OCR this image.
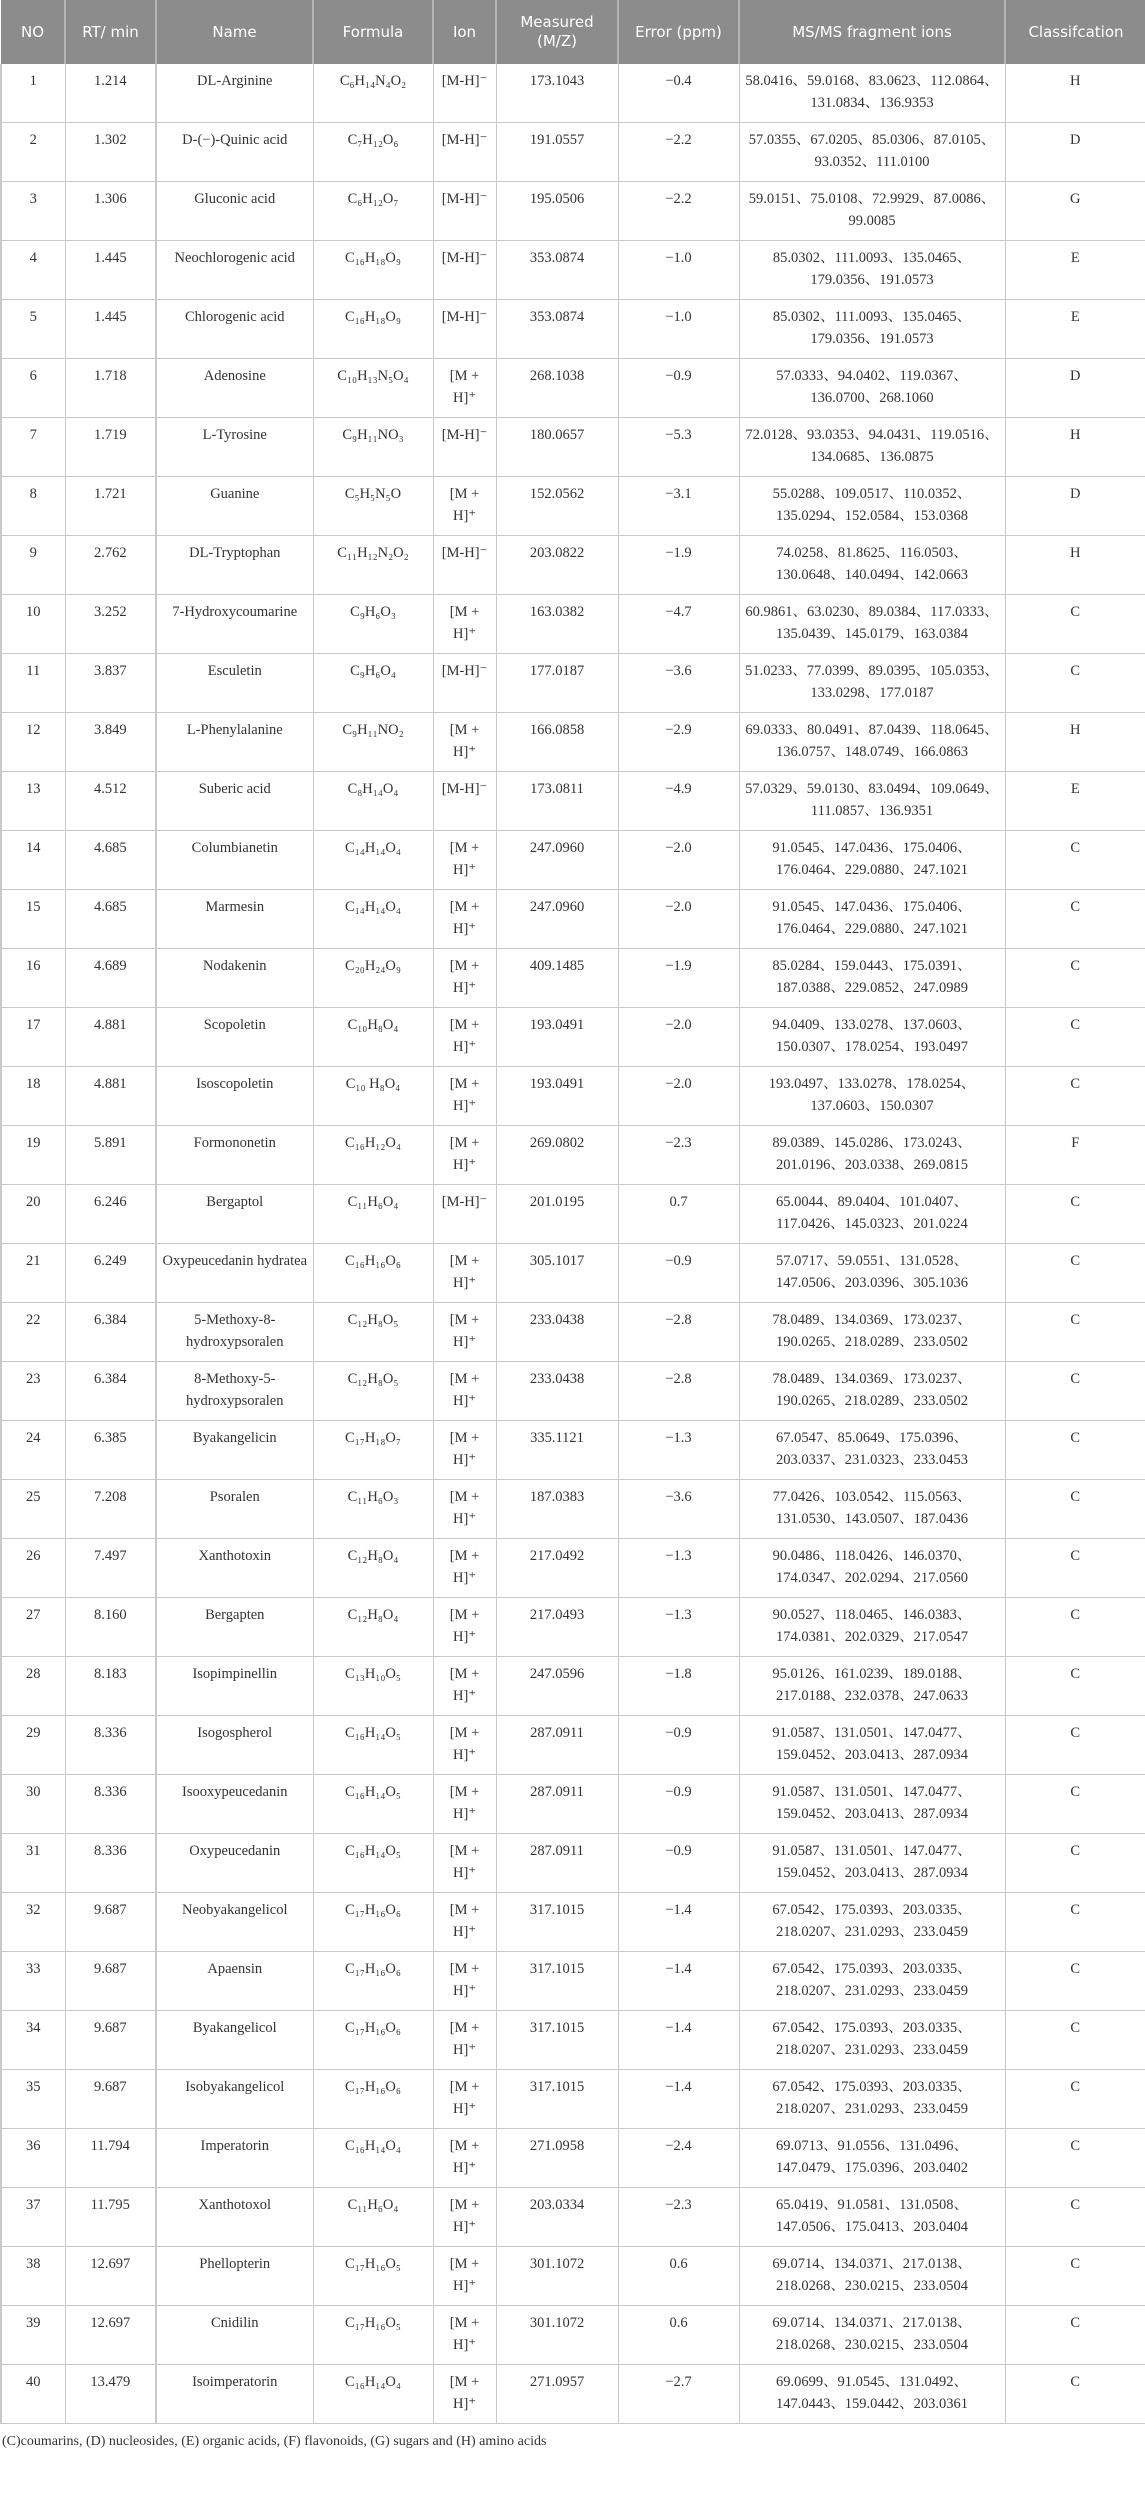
NO	RT/ min	Name	Formula	Ion	Measured (M/Z)	Error (ppm)	MS/MS fragment ions	Classifcation
1	1.214	DL-Arginine	C₆H₁₄N₄O₂	[M-H]⁻	173.1043	−0.4	58.0416、59.0168、83.0623、112.0864、131.0834、136.9353	H
2	1.302	D-(−)-Quinic acid	C₇H₁₂O₆	[M-H]⁻	191.0557	−2.2	57.0355、67.0205、85.0306、87.0105、93.0352、111.0100	D
3	1.306	Gluconic acid	C₆H₁₂O₇	[M-H]⁻	195.0506	−2.2	59.0151、75.0108、72.9929、87.0086、99.0085	G
4	1.445	Neochlorogenic acid	C₁₆H₁₈O₉	[M-H]⁻	353.0874	−1.0	85.0302、111.0093、135.0465、179.0356、191.0573	E
5	1.445	Chlorogenic acid	C₁₆H₁₈O₉	[M-H]⁻	353.0874	−1.0	85.0302、111.0093、135.0465、179.0356、191.0573	E
6	1.718	Adenosine	C₁₀H₁₃N₅O₄	[M + H]⁺	268.1038	−0.9	57.0333、94.0402、119.0367、136.0700、268.1060	D
7	1.719	L-Tyrosine	C₉H₁₁NO₃	[M-H]⁻	180.0657	−5.3	72.0128、93.0353、94.0431、119.0516、134.0685、136.0875	H
8	1.721	Guanine	C₅H₅N₅O	[M + H]⁺	152.0562	−3.1	55.0288、109.0517、110.0352、135.0294、152.0584、153.0368	D
9	2.762	DL-Tryptophan	C₁₁H₁₂N₂O₂	[M-H]⁻	203.0822	−1.9	74.0258、81.8625、116.0503、130.0648、140.0494、142.0663	H
10	3.252	7-Hydroxycoumarine	C₉H₆O₃	[M + H]⁺	163.0382	−4.7	60.9861、63.0230、89.0384、117.0333、135.0439、145.0179、163.0384	C
11	3.837	Esculetin	C₉H₆O₄	[M-H]⁻	177.0187	−3.6	51.0233、77.0399、89.0395、105.0353、133.0298、177.0187	C
12	3.849	L-Phenylalanine	C₉H₁₁NO₂	[M + H]⁺	166.0858	−2.9	69.0333、80.0491、87.0439、118.0645、136.0757、148.0749、166.0863	H
13	4.512	Suberic acid	C₈H₁₄O₄	[M-H]⁻	173.0811	−4.9	57.0329、59.0130、83.0494、109.0649、111.0857、136.9351	E
14	4.685	Columbianetin	C₁₄H₁₄O₄	[M + H]⁺	247.0960	−2.0	91.0545、147.0436、175.0406、176.0464、229.0880、247.1021	C
15	4.685	Marmesin	C₁₄H₁₄O₄	[M + H]⁺	247.0960	−2.0	91.0545、147.0436、175.0406、176.0464、229.0880、247.1021	C
16	4.689	Nodakenin	C₂₀H₂₄O₉	[M + H]⁺	409.1485	−1.9	85.0284、159.0443、175.0391、187.0388、229.0852、247.0989	C
17	4.881	Scopoletin	C₁₀H₈O₄	[M + H]⁺	193.0491	−2.0	94.0409、133.0278、137.0603、150.0307、178.0254、193.0497	C
18	4.881	Isoscopoletin	C₁₀ H₈O₄	[M + H]⁺	193.0491	−2.0	193.0497、133.0278、178.0254、137.0603、150.0307	C
19	5.891	Formononetin	C₁₆H₁₂O₄	[M + H]⁺	269.0802	−2.3	89.0389、145.0286、173.0243、201.0196、203.0338、269.0815	F
20	6.246	Bergaptol	C₁₁H₆O₄	[M-H]⁻	201.0195	0.7	65.0044、89.0404、101.0407、117.0426、145.0323、201.0224	C
21	6.249	Oxypeucedanin hydratea	C₁₆H₁₆O₆	[M + H]⁺	305.1017	−0.9	57.0717、59.0551、131.0528、147.0506、203.0396、305.1036	C
22	6.384	5-Methoxy-8-hydroxypsoralen	C₁₂H₈O₅	[M + H]⁺	233.0438	−2.8	78.0489、134.0369、173.0237、190.0265、218.0289、233.0502	C
23	6.384	8-Methoxy-5-hydroxypsoralen	C₁₂H₈O₅	[M + H]⁺	233.0438	−2.8	78.0489、134.0369、173.0237、190.0265、218.0289、233.0502	C
24	6.385	Byakangelicin	C₁₇H₁₈O₇	[M + H]⁺	335.1121	−1.3	67.0547、85.0649、175.0396、203.0337、231.0323、233.0453	C
25	7.208	Psoralen	C₁₁H₆O₃	[M + H]⁺	187.0383	−3.6	77.0426、103.0542、115.0563、131.0530、143.0507、187.0436	C
26	7.497	Xanthotoxin	C₁₂H₈O₄	[M + H]⁺	217.0492	−1.3	90.0486、118.0426、146.0370、174.0347、202.0294、217.0560	C
27	8.160	Bergapten	C₁₂H₈O₄	[M + H]⁺	217.0493	−1.3	90.0527、118.0465、146.0383、174.0381、202.0329、217.0547	C
28	8.183	Isopimpinellin	C₁₃H₁₀O₅	[M + H]⁺	247.0596	−1.8	95.0126、161.0239、189.0188、217.0188、232.0378、247.0633	C
29	8.336	Isogospherol	C₁₆H₁₄O₅	[M + H]⁺	287.0911	−0.9	91.0587、131.0501、147.0477、159.0452、203.0413、287.0934	C
30	8.336	Isooxypeucedanin	C₁₆H₁₄O₅	[M + H]⁺	287.0911	−0.9	91.0587、131.0501、147.0477、159.0452、203.0413、287.0934	C
31	8.336	Oxypeucedanin	C₁₆H₁₄O₅	[M + H]⁺	287.0911	−0.9	91.0587、131.0501、147.0477、159.0452、203.0413、287.0934	C
32	9.687	Neobyakangelicol	C₁₇H₁₆O₆	[M + H]⁺	317.1015	−1.4	67.0542、175.0393、203.0335、218.0207、231.0293、233.0459	C
33	9.687	Apaensin	C₁₇H₁₆O₆	[M + H]⁺	317.1015	−1.4	67.0542、175.0393、203.0335、218.0207、231.0293、233.0459	C
34	9.687	Byakangelicol	C₁₇H₁₆O₆	[M + H]⁺	317.1015	−1.4	67.0542、175.0393、203.0335、218.0207、231.0293、233.0459	C
35	9.687	Isobyakangelicol	C₁₇H₁₆O₆	[M + H]⁺	317.1015	−1.4	67.0542、175.0393、203.0335、218.0207、231.0293、233.0459	C
36	11.794	Imperatorin	C₁₆H₁₄O₄	[M + H]⁺	271.0958	−2.4	69.0713、91.0556、131.0496、147.0479、175.0396、203.0402	C
37	11.795	Xanthotoxol	C₁₁H₆O₄	[M + H]⁺	203.0334	−2.3	65.0419、91.0581、131.0508、147.0506、175.0413、203.0404	C
38	12.697	Phellopterin	C₁₇H₁₆O₅	[M + H]⁺	301.1072	0.6	69.0714、134.0371、217.0138、218.0268、230.0215、233.0504	C
39	12.697	Cnidilin	C₁₇H₁₆O₅	[M + H]⁺	301.1072	0.6	69.0714、134.0371、217.0138、218.0268、230.0215、233.0504	C
40	13.479	Isoimperatorin	C₁₆H₁₄O₄	[M + H]⁺	271.0957	−2.7	69.0699、91.0545、131.0492、147.0443、159.0442、203.0361	C
(C)coumarins, (D) nucleosides, (E) organic acids, (F) flavonoids, (G) sugars and (H) amino acids
